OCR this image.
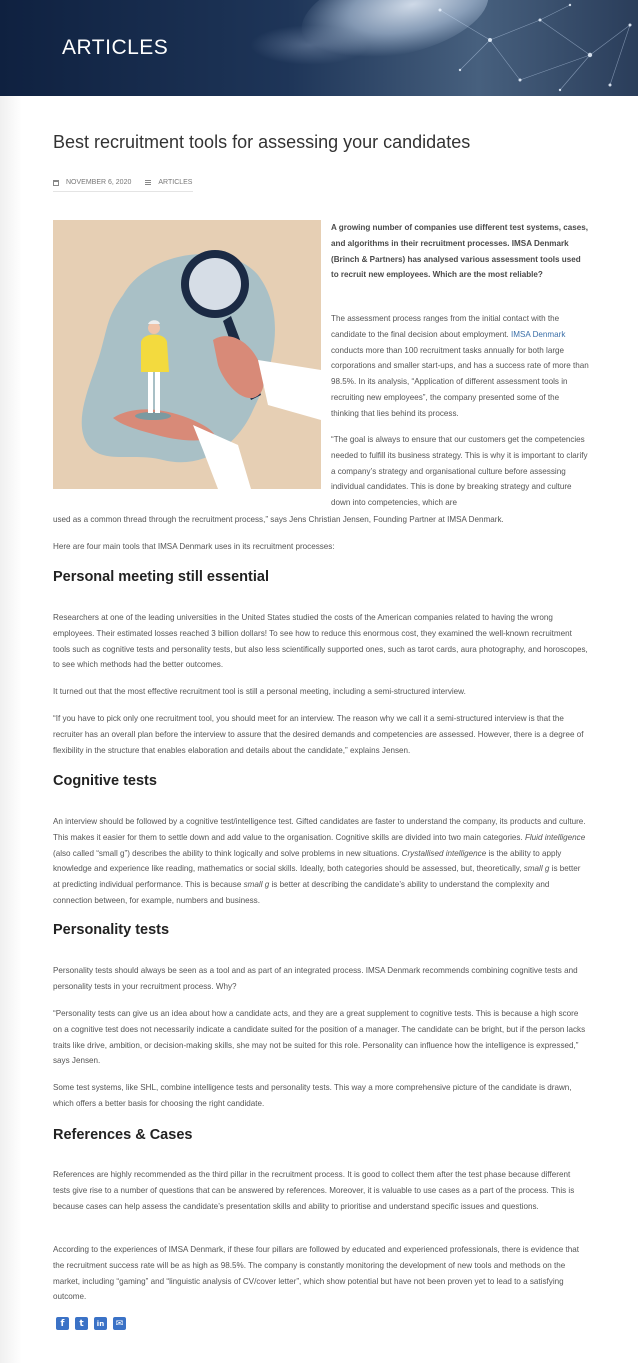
ARTICLES
Best recruitment tools for assessing your candidates
NOVEMBER 6, 2020	ARTICLES
A growing number of companies use different test systems, cases, and algorithms in their recruitment processes. IMSA Denmark (Brinch & Partners) has analysed various assessment tools used to recruit new employees. Which are the most reliable?
The assessment process ranges from the initial contact with the candidate to the final decision about employment. IMSA Denmark conducts more than 100 recruitment tasks annually for both large corporations and smaller start-ups, and has a success rate of more than 98.5%. In its analysis, “Application of different assessment tools in recruiting new employees”, the company presented some of the thinking that lies behind its process.
“The goal is always to ensure that our customers get the competencies needed to fulfill its business strategy. This is why it is important to clarify a company’s strategy and organisational culture before assessing individual candidates. This is done by breaking strategy and culture down into competencies, which are
used as a common thread through the recruitment process,” says Jens Christian Jensen, Founding Partner at IMSA Denmark.
Here are four main tools that IMSA Denmark uses in its recruitment processes:
Personal meeting still essential
Researchers at one of the leading universities in the United States studied the costs of the American companies related to having the wrong employees. Their estimated losses reached 3 billion dollars! To see how to reduce this enormous cost, they examined the well-known recruitment tools such as cognitive tests and personality tests, but also less scientifically supported ones, such as tarot cards, aura photography, and horoscopes, to see which methods had the better outcomes.
It turned out that the most effective recruitment tool is still a personal meeting, including a semi-structured interview.
“If you have to pick only one recruitment tool, you should meet for an interview. The reason why we call it a semi-structured interview is that the recruiter has an overall plan before the interview to assure that the desired demands and competencies are assessed. However, there is a degree of flexibility in the structure that enables elaboration and details about the candidate,” explains Jensen.
Cognitive tests
An interview should be followed by a cognitive test/intelligence test. Gifted candidates are faster to understand the company, its products and culture. This makes it easier for them to settle down and add value to the organisation. Cognitive skills are divided into two main categories. Fluid intelligence (also called “small g”) describes the ability to think logically and solve problems in new situations. Crystallised intelligence is the ability to apply knowledge and experience like reading, mathematics or social skills. Ideally, both categories should be assessed, but, theoretically, small g is better at predicting individual performance. This is because small g is better at describing the candidate’s ability to understand the complexity and connection between, for example, numbers and business.
Personality tests
Personality tests should always be seen as a tool and as part of an integrated process. IMSA Denmark recommends combining cognitive tests and personality tests in your recruitment process. Why?
“Personality tests can give us an idea about how a candidate acts, and they are a great supplement to cognitive tests. This is because a high score on a cognitive test does not necessarily indicate a candidate suited for the position of a manager. The candidate can be bright, but if the person lacks traits like drive, ambition, or decision-making skills, she may not be suited for this role. Personality can influence how the intelligence is expressed,” says Jensen.
Some test systems, like SHL, combine intelligence tests and personality tests. This way a more comprehensive picture of the candidate is drawn, which offers a better basis for choosing the right candidate.
References & Cases
References are highly recommended as the third pillar in the recruitment process. It is good to collect them after the test phase because different tests give rise to a number of questions that can be answered by references. Moreover, it is valuable to use cases as a part of the process. This is because cases can help assess the candidate’s presentation skills and ability to prioritise and understand specific issues and questions.
According to the experiences of IMSA Denmark, if these four pillars are followed by educated and experienced professionals, there is evidence that the recruitment success rate will be as high as 98.5%. The company is constantly monitoring the development of new tools and methods on the market, including “gaming” and “linguistic analysis of CV/cover letter”, which show potential but have not been proven yet to lead to a satisfying outcome.
f	t	in	✉
